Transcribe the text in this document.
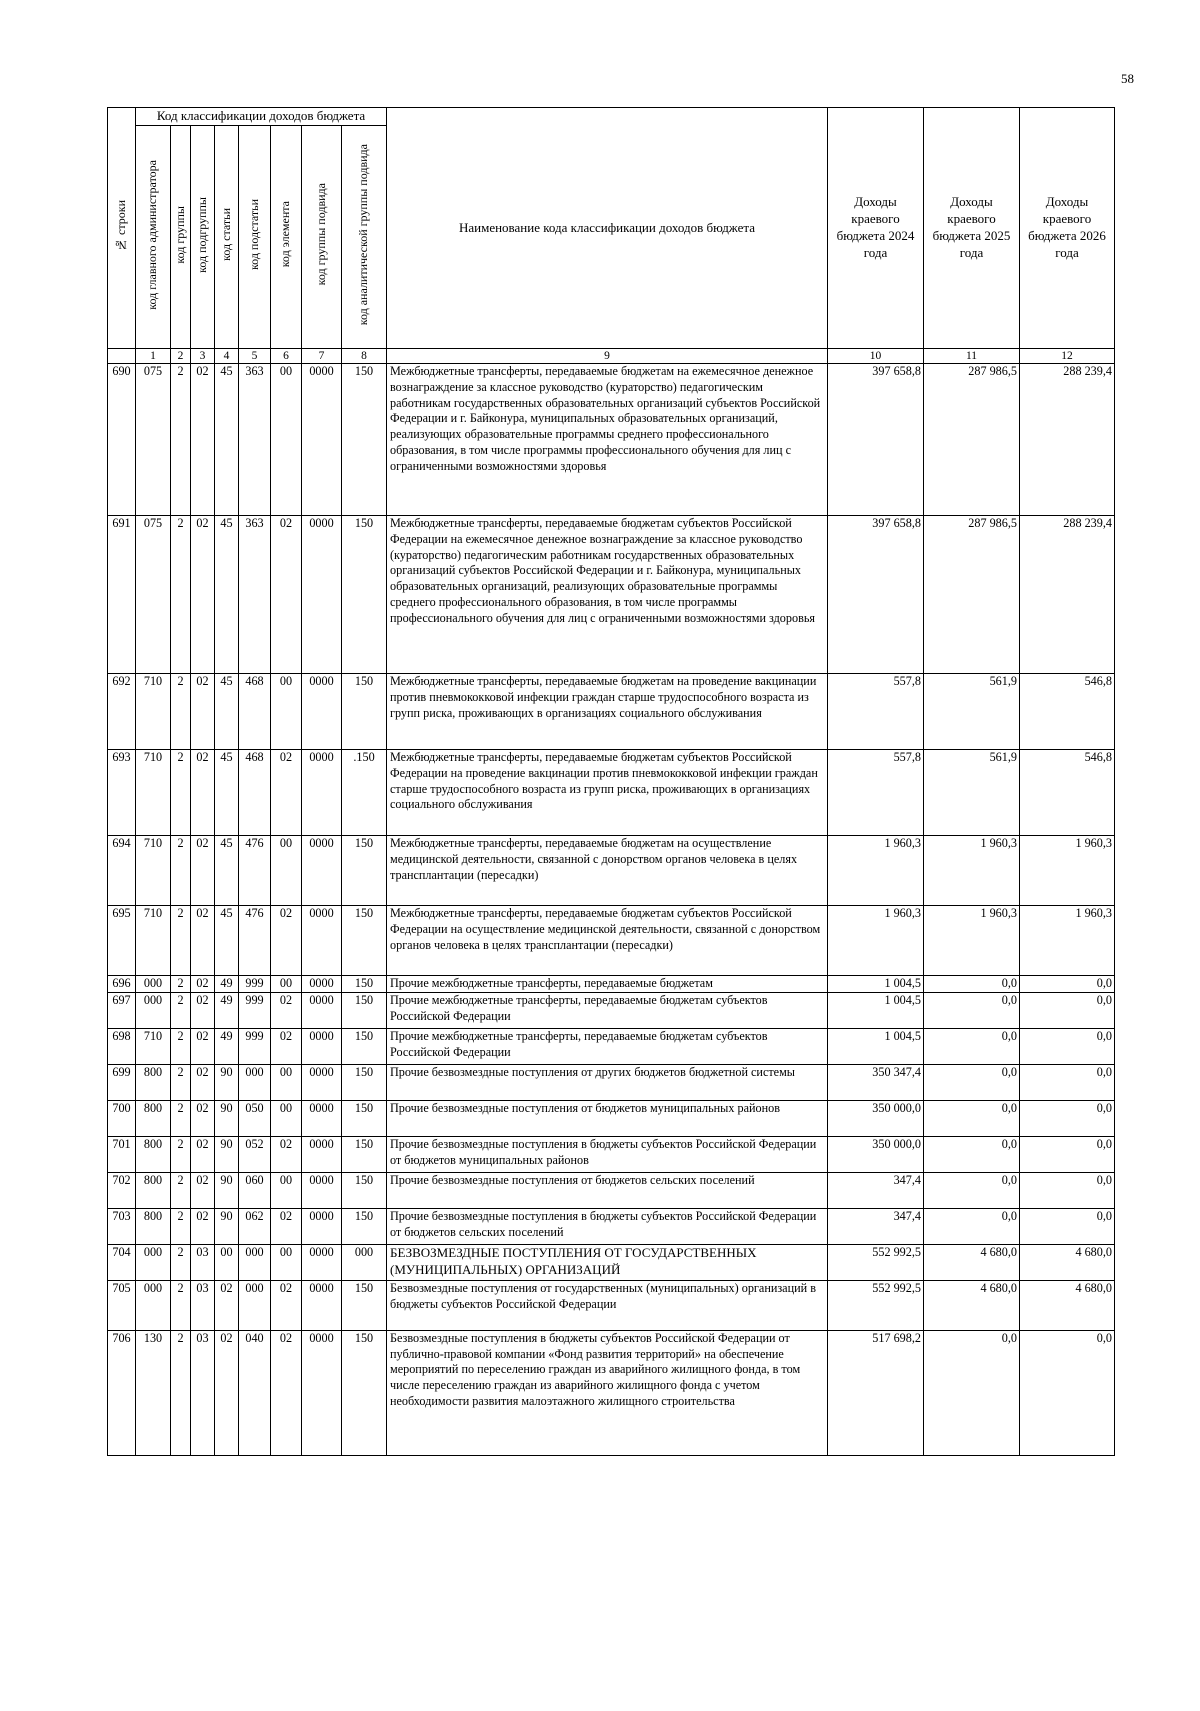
58
№ строки	Код классификации доходов бюджета								Наименование кода классификации доходов бюджета	Доходы краевого бюджета 2024 года	Доходы краевого бюджета 2025 года	Доходы краевого бюджета 2026 года
	код главного администратора	код группы	код подгруппы	код статьи	код подстатьи	код элемента	код группы подвида	код аналитической группы подвида				
	1	2	3	4	5	6	7	8	9	10	11	12
690	075	2	02	45	363	00	0000	150	Межбюджетные трансферты, передаваемые бюджетам на ежемесячное денежное вознаграждение за классное руководство (кураторство) педагогическим работникам государственных образовательных организаций субъектов Российской Федерации и г. Байконура, муниципальных образовательных организаций, реализующих образовательные программы среднего профессионального образования, в том числе программы профессионального обучения для лиц с ограниченными возможностями здоровья	397 658,8	287 986,5	288 239,4
691	075	2	02	45	363	02	0000	150	Межбюджетные трансферты, передаваемые бюджетам субъектов Российской Федерации на ежемесячное денежное вознаграждение за классное руководство (кураторство) педагогическим работникам государственных образовательных организаций субъектов Российской Федерации и г. Байконура, муниципальных образовательных организаций, реализующих образовательные программы среднего профессионального образования, в том числе программы профессионального обучения для лиц с ограниченными возможностями здоровья	397 658,8	287 986,5	288 239,4
692	710	2	02	45	468	00	0000	150	Межбюджетные трансферты, передаваемые бюджетам на проведение вакцинации против пневмококковой инфекции граждан старше трудоспособного возраста из групп риска, проживающих в организациях социального обслуживания	557,8	561,9	546,8
693	710	2	02	45	468	02	0000	.150	Межбюджетные трансферты, передаваемые бюджетам субъектов Российской Федерации на проведение вакцинации против пневмококковой инфекции граждан старше трудоспособного возраста из групп риска, проживающих в организациях социального обслуживания	557,8	561,9	546,8
694	710	2	02	45	476	00	0000	150	Межбюджетные трансферты, передаваемые бюджетам на осуществление медицинской деятельности, связанной с донорством органов человека в целях трансплантации (пересадки)	1 960,3	1 960,3	1 960,3
695	710	2	02	45	476	02	0000	150	Межбюджетные трансферты, передаваемые бюджетам субъектов Российской Федерации на осуществление медицинской деятельности, связанной с донорством органов человека в целях трансплантации (пересадки)	1 960,3	1 960,3	1 960,3
696	000	2	02	49	999	00	0000	150	Прочие межбюджетные трансферты, передаваемые бюджетам	1 004,5	0,0	0,0
697	000	2	02	49	999	02	0000	150	Прочие межбюджетные трансферты, передаваемые бюджетам субъектов Российской Федерации	1 004,5	0,0	0,0
698	710	2	02	49	999	02	0000	150	Прочие межбюджетные трансферты, передаваемые бюджетам субъектов Российской Федерации	1 004,5	0,0	0,0
699	800	2	02	90	000	00	0000	150	Прочие безвозмездные поступления от других бюджетов бюджетной системы	350 347,4	0,0	0,0
700	800	2	02	90	050	00	0000	150	Прочие безвозмездные поступления от бюджетов муниципальных районов	350 000,0	0,0	0,0
701	800	2	02	90	052	02	0000	150	Прочие безвозмездные поступления в бюджеты субъектов Российской Федерации от бюджетов муниципальных районов	350 000,0	0,0	0,0
702	800	2	02	90	060	00	0000	150	Прочие безвозмездные поступления от бюджетов сельских поселений	347,4	0,0	0,0
703	800	2	02	90	062	02	0000	150	Прочие безвозмездные поступления в бюджеты субъектов Российской Федерации от бюджетов сельских поселений	347,4	0,0	0,0
704	000	2	03	00	000	00	0000	000	БЕЗВОЗМЕЗДНЫЕ ПОСТУПЛЕНИЯ ОТ ГОСУДАРСТВЕННЫХ (МУНИЦИПАЛЬНЫХ) ОРГАНИЗАЦИЙ	552 992,5	4 680,0	4 680,0
705	000	2	03	02	000	02	0000	150	Безвозмездные поступления от государственных (муниципальных) организаций в бюджеты субъектов Российской Федерации	552 992,5	4 680,0	4 680,0
706	130	2	03	02	040	02	0000	150	Безвозмездные поступления в бюджеты субъектов Российской Федерации от публично-правовой компании «Фонд развития территорий» на обеспечение мероприятий по переселению граждан из аварийного жилищного фонда, в том числе переселению граждан из аварийного жилищного фонда с учетом необходимости развития малоэтажного жилищного строительства	517 698,2	0,0	0,0
